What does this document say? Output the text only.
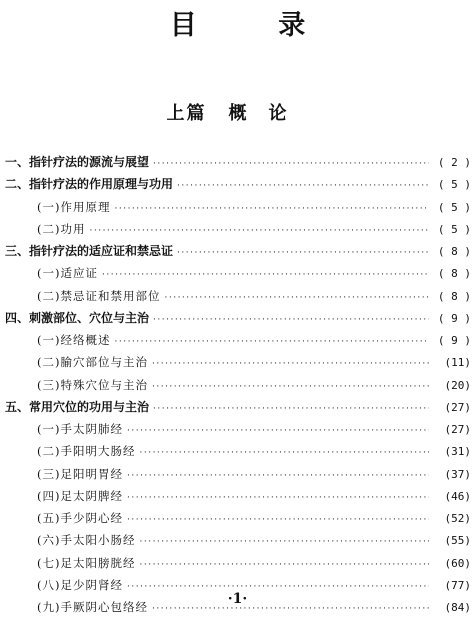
目 录
上篇 概论
一、指针疗法的源流与展望 ·····	( 2 )
二、指针疗法的作用原理与功用 ·····	( 5 )
(一)作用原理 ·····	( 5 )
(二)功用 ·····	( 5 )
三、指针疗法的适应证和禁忌证 ·····	( 8 )
(一)适应证 ·····	( 8 )
(二)禁忌证和禁用部位 ·····	( 8 )
四、刺激部位、穴位与主治 ·····	( 9 )
(一)经络概述 ·····	( 9 )
(二)腧穴部位与主治 ·····	(11)
(三)特殊穴位与主治 ·····	(20)
五、常用穴位的功用与主治 ·····	(27)
(一)手太阴肺经 ·····	(27)
(二)手阳明大肠经 ·····	(31)
(三)足阳明胃经 ·····	(37)
(四)足太阴脾经 ·····	(46)
(五)手少阴心经 ·····	(52)
(六)手太阳小肠经 ·····	(55)
(七)足太阳膀胱经 ·····	(60)
(八)足少阴肾经 ·····	(77)
(九)手厥阴心包络经 ·····	(84)
·1·
